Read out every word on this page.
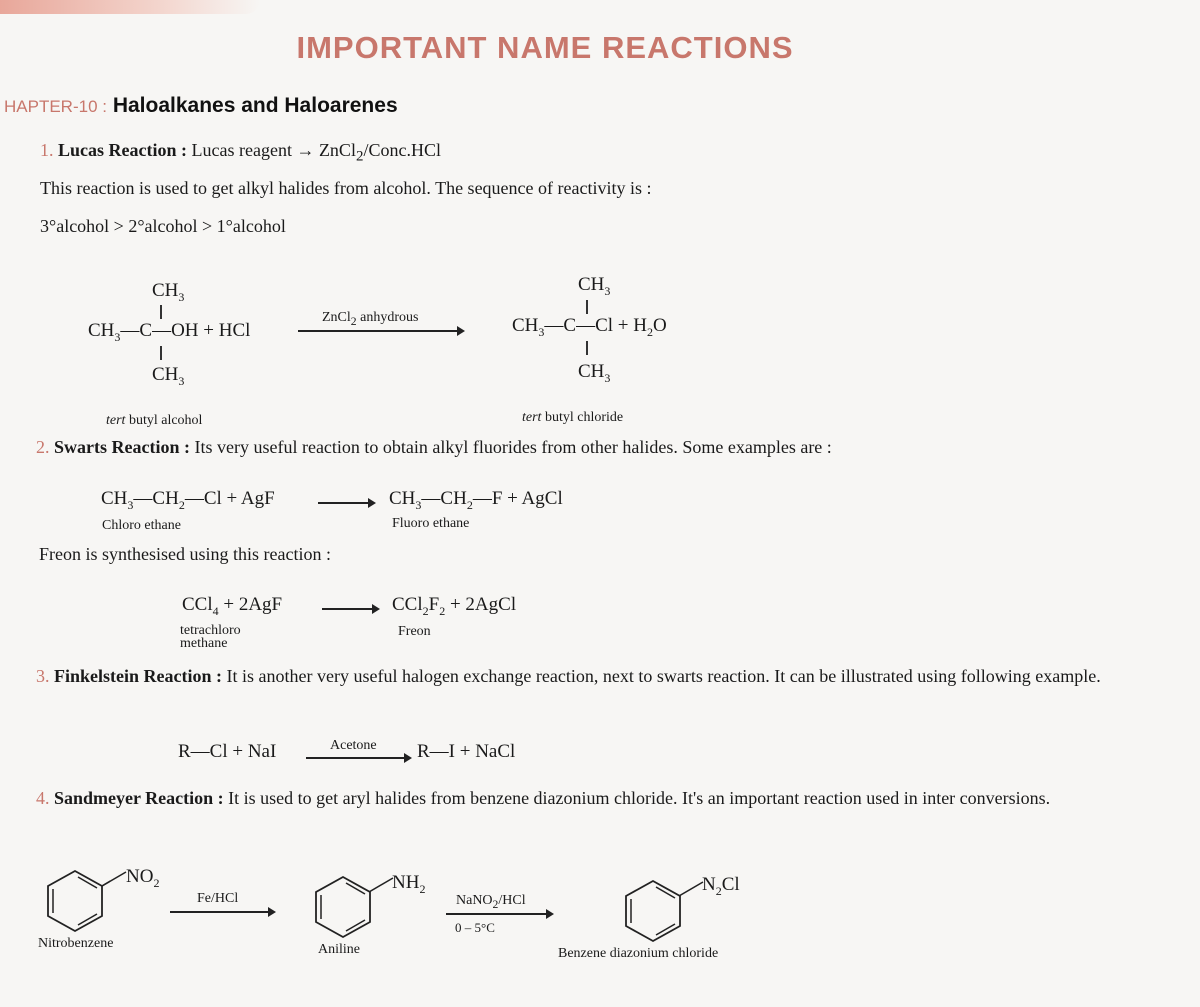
IMPORTANT NAME REACTIONS
HAPTER-10 : Haloalkanes and Haloarenes
1. Lucas Reaction : Lucas reagent → ZnCl$_2$/Conc.HCl
This reaction is used to get alkyl halides from alcohol. The sequence of reactivity is :
3°alcohol > 2°alcohol > 1°alcohol
$CH_3$
$CH_3—C—OH$ + HCl
$CH_3$
ZnCl$_2$ anhydrous
$CH_3$
$CH_3—C—Cl + H_2O$
$CH_3$
tert butyl alcohol	tert butyl chloride
2. Swarts Reaction : Its very useful reaction to obtain alkyl fluorides from other halides. Some examples are :
$CH_3—CH_2—Cl$ + AgF	→ $CH_3—CH_2—F$ + AgCl
Chloro ethane	Fluoro ethane
Freon is synthesised using this reaction :
$CCl_4 + 2AgF \to CCl_2F_2$ + 2AgCl
tetrachloro
methane
Freon
3. Finkelstein Reaction : It is another very useful halogen exchange reaction, next to swarts reaction. It can be illustrated using following example.
R—Cl + NaI	Acetone R—I + NaCl
4. Sandmeyer Reaction : It is used to get aryl halides from benzene diazonium chloride. It's an important reaction used in inter conversions.
$NO_2$
Fe/HCl
$NH_2$
NaNO$_2$/HCl
0 – 5°C
$N_2Cl$
Nitrobenzene	Aniline	Benzene diazonium chloride
